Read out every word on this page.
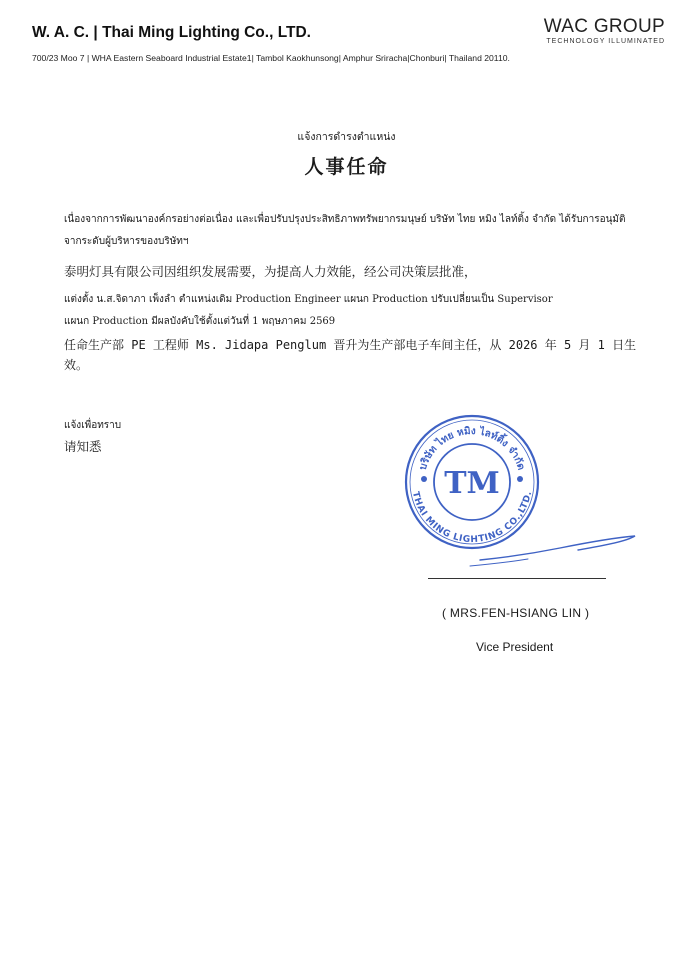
W. A. C. | Thai Ming Lighting Co., LTD.	WAC GROUP
TECHNOLOGY ILLUMINATED
700/23 Moo 7 | WHA Eastern Seaboard Industrial Estate1| Tambol Kaokhunsong| Amphur Sriracha|Chonburi| Thailand 20110.
แจ้งการดำรงตำแหน่ง
人事任命
เนื่องจากการพัฒนาองค์กรอย่างต่อเนื่อง และเพื่อปรับปรุงประสิทธิภาพทรัพยากรมนุษย์ บริษัท ไทย หมิง ไลท์ติ้ง จำกัด ได้รับการอนุมัติ
จากระดับผู้บริหารของบริษัทฯ
泰明灯具有限公司因组织发展需要，为提高人力效能，经公司决策层批准，
แต่งตั้ง น.ส.จิดาภา เพ็งลำ ตำแหน่งเดิม Production Engineer แผนก Production ปรับเปลี่ยนเป็น Supervisor
แผนก Production มีผลบังคับใช้ตั้งแต่วันที่ 1 พฤษภาคม 2569
任命生产部 PE 工程师 Ms. Jidapa Penglum 晋升为生产部电子车间主任，从 2026 年 5 月 1 日生
效。
แจ้งเพื่อทราบ
请知悉
บริษัท ไทย หมิง ไลท์ติ้ง จำกัด
THAI MING LIGHTING CO.,LTD.
TM
( MRS.FEN-HSIANG LIN )
Vice President
